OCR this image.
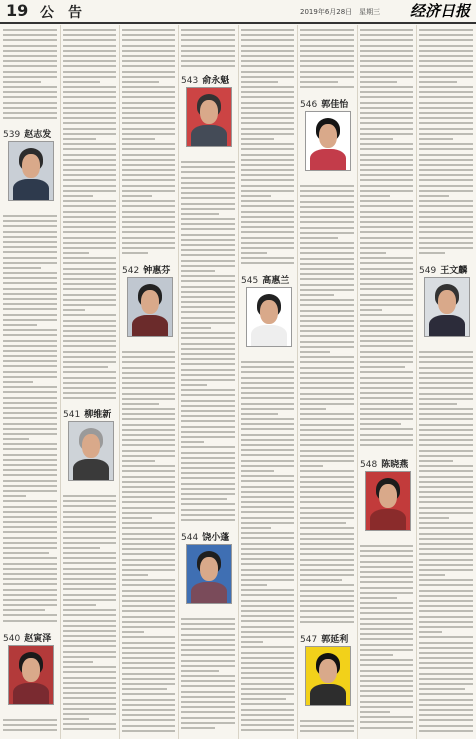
19 公告	2019年6月28日　星期三 经济日报
539 赵志发
540 赵寅泽
541 柳维新
542 钟惠芬
543 俞永魁
544 饶小蓬
545 高惠兰
546 郭佳怡
547 郭延利
548 陈晓燕
549 王文麟
